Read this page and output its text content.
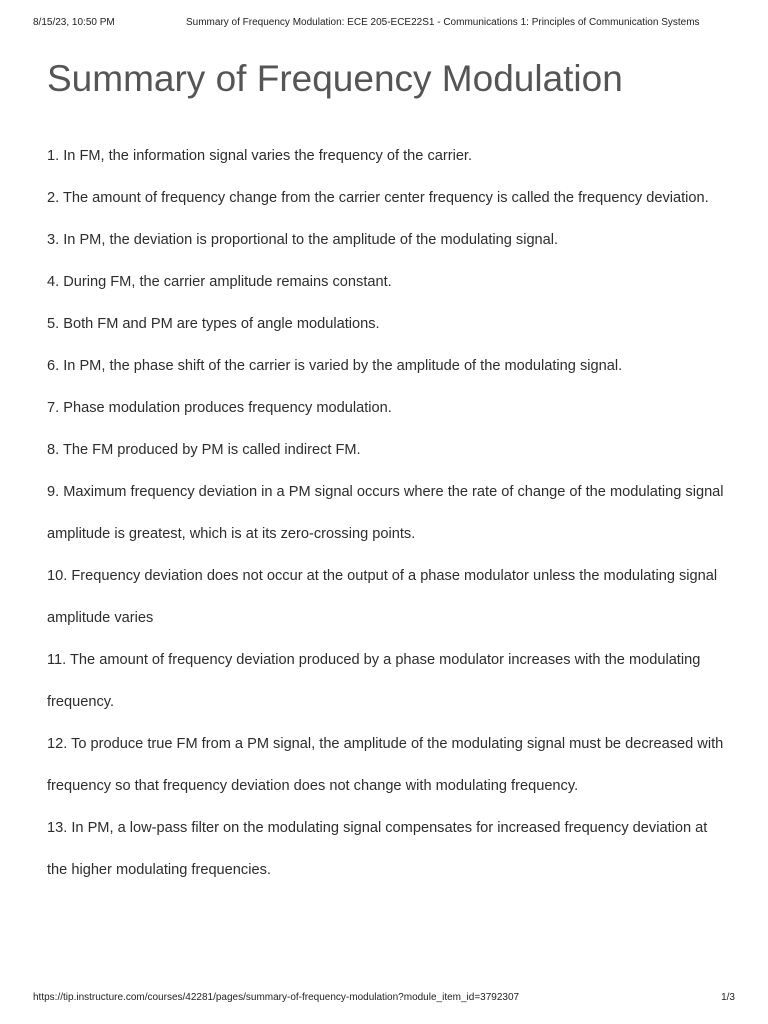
8/15/23, 10:50 PM	Summary of Frequency Modulation: ECE 205-ECE22S1 - Communications 1: Principles of Communication Systems
Summary of Frequency Modulation
1. In FM, the information signal varies the frequency of the carrier.
2. The amount of frequency change from the carrier center frequency is called the frequency deviation.
3. In PM, the deviation is proportional to the amplitude of the modulating signal.
4. During FM, the carrier amplitude remains constant.
5. Both FM and PM are types of angle modulations.
6. In PM, the phase shift of the carrier is varied by the amplitude of the modulating signal.
7. Phase modulation produces frequency modulation.
8. The FM produced by PM is called indirect FM.
9. Maximum frequency deviation in a PM signal occurs where the rate of change of the modulating signal amplitude is greatest, which is at its zero-crossing points.
10. Frequency deviation does not occur at the output of a phase modulator unless the modulating signal amplitude varies
11. The amount of frequency deviation produced by a phase modulator increases with the modulating frequency.
12. To produce true FM from a PM signal, the amplitude of the modulating signal must be decreased with frequency so that frequency deviation does not change with modulating frequency.
13. In PM, a low-pass filter on the modulating signal compensates for increased frequency deviation at the higher modulating frequencies.
https://tip.instructure.com/courses/42281/pages/summary-of-frequency-modulation?module_item_id=3792307	1/3
